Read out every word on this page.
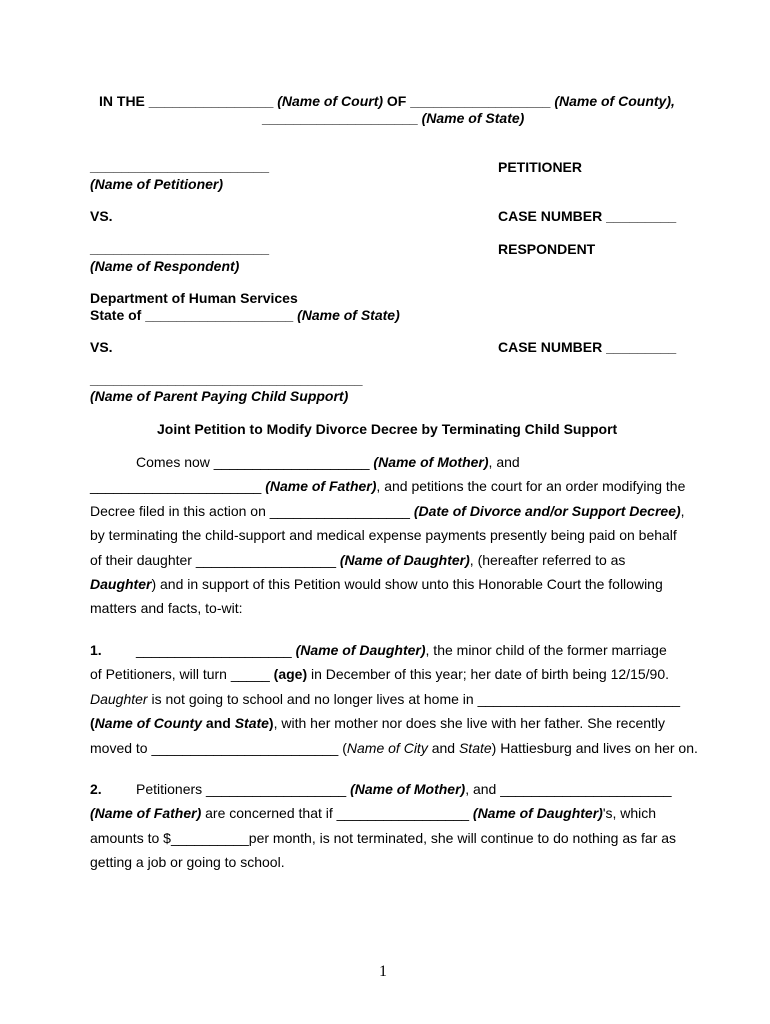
IN THE ________________ (Name of Court) OF __________________ (Name of County),
____________________ (Name of State)
_______________________	PETITIONER
(Name of Petitioner)
VS.	CASE NUMBER _________
_______________________	RESPONDENT
(Name of Respondent)
Department of Human Services
State of ___________________ (Name of State)
VS.	CASE NUMBER _________
___________________________________
(Name of Parent Paying Child Support)
Joint Petition to Modify Divorce Decree by Terminating Child Support
Comes now ____________________ (Name of Mother), and
______________________ (Name of Father), and petitions the court for an order modifying the
Decree filed in this action on __________________ (Date of Divorce and/or Support Decree),
by terminating the child-support and medical expense payments presently being paid on behalf
of their daughter __________________ (Name of Daughter), (hereafter referred to as
Daughter) and in support of this Petition would show unto this Honorable Court the following
matters and facts, to-wit:
1. ____________________ (Name of Daughter), the minor child of the former marriage
of Petitioners, will turn _____ (age) in December of this year; her date of birth being 12/15/90.
Daughter is not going to school and no longer lives at home in __________________________
(Name of County and State), with her mother nor does she live with her father. She recently
moved to ________________________ (Name of City and State) Hattiesburg and lives on her on.
2. Petitioners __________________ (Name of Mother), and ______________________
(Name of Father) are concerned that if _________________ (Name of Daughter)'s, which
amounts to $__________per month, is not terminated, she will continue to do nothing as far as
getting a job or going to school.
1
